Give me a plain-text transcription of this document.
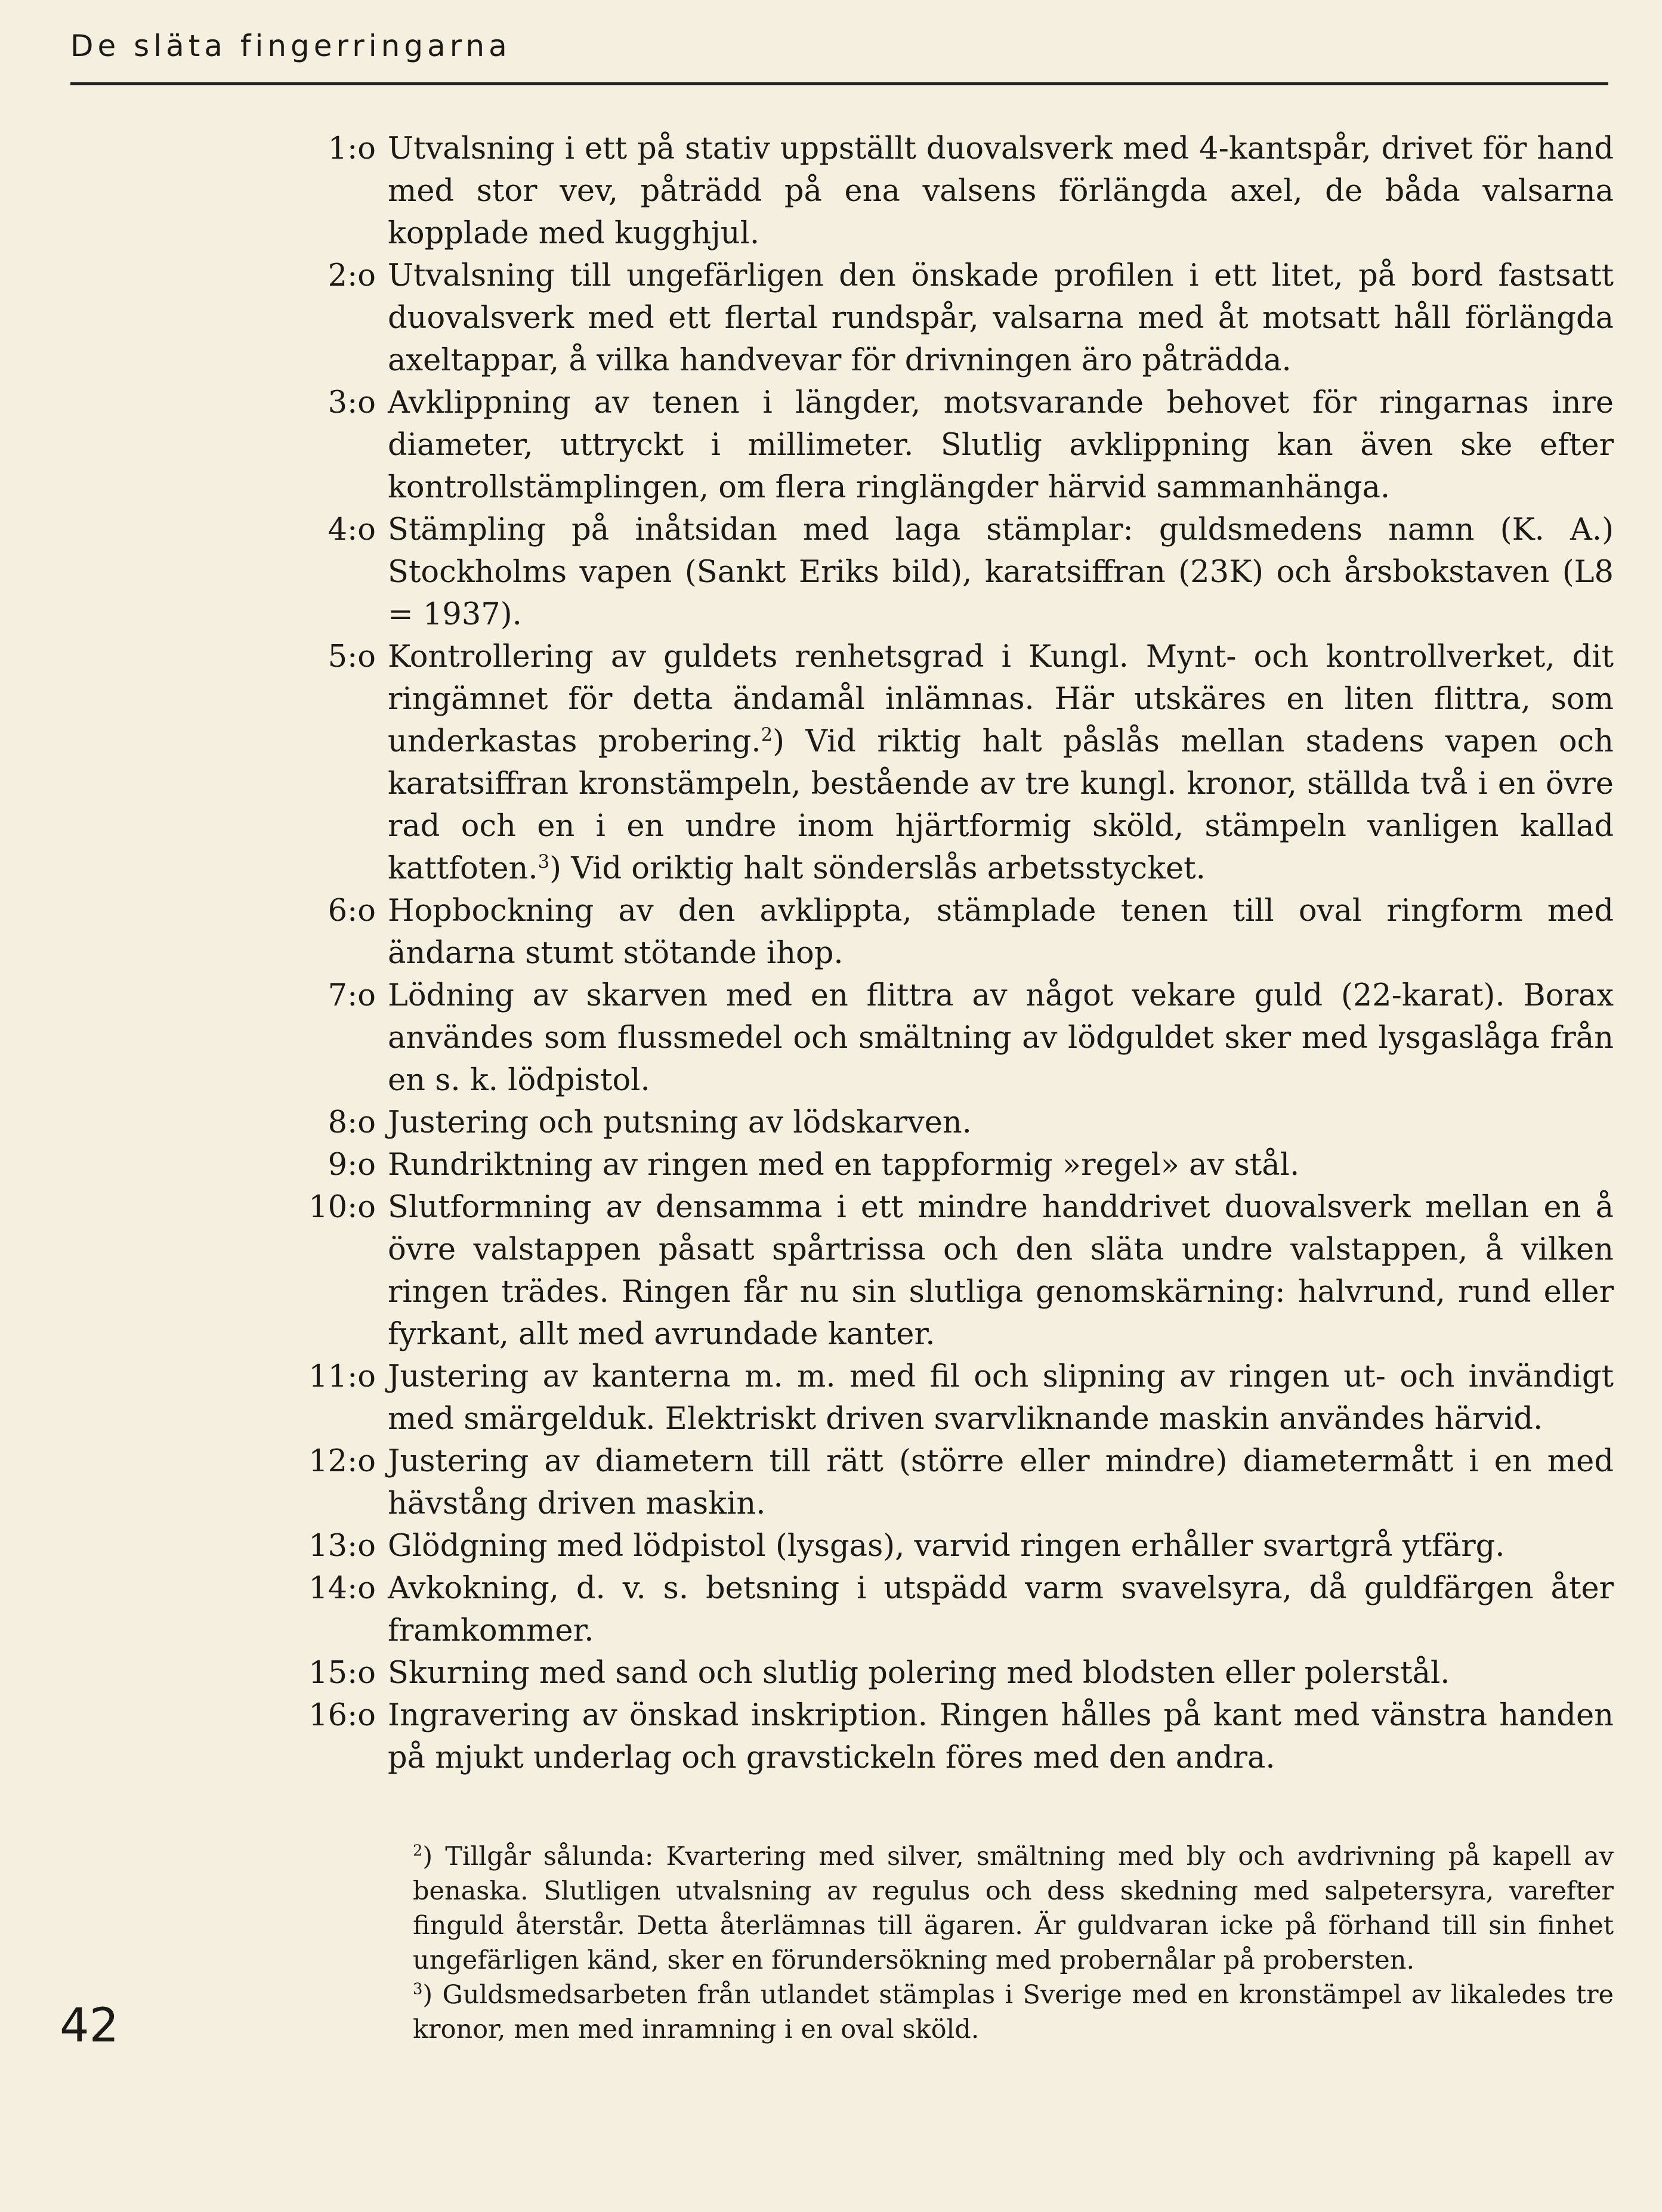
De släta fingerringarna
1:o Utvalsning i ett på stativ uppställt duovalsverk med 4-kantspår, drivet för hand med stor vev, påträdd på ena valsens förlängda axel, de båda valsarna kopplade med kugghjul.
2:o Utvalsning till ungefärligen den önskade profilen i ett litet, på bord fastsatt duovalsverk med ett flertal rundspår, valsarna med åt motsatt håll förlängda axeltappar, å vilka handvevar för drivningen äro påträdda.
3:o Avklippning av tenen i längder, motsvarande behovet för ringarnas inre diameter, uttryckt i millimeter. Slutlig avklippning kan även ske efter kontrollstämplingen, om flera ringlängder härvid sammanhänga.
4:o Stämpling på inåtsidan med laga stämplar: guldsmedens namn (K. A.) Stockholms vapen (Sankt Eriks bild), karatsiffran (23K) och årsbokstaven (L8 = 1937).
5:o Kontrollering av guldets renhetsgrad i Kungl. Mynt- och kontrollverket, dit ringämnet för detta ändamål inlämnas. Här utskäres en liten flittra, som underkastas probering.$^2$) Vid riktig halt påslås mellan stadens vapen och karatsiffran kronstämpeln, bestående av tre kungl. kronor, ställda två i en övre rad och en i en undre inom hjärtformig sköld, stämpeln vanligen kallad kattfoten.$^3$) Vid oriktig halt sönderslås arbetsstycket.
6:o Hopbockning av den avklippta, stämplade tenen till oval ringform med ändarna stumt stötande ihop.
7:o Lödning av skarven med en flittra av något vekare guld (22-karat). Borax användes som flussmedel och smältning av lödguldet sker med lysgaslåga från en s. k. lödpistol.
8:o Justering och putsning av lödskarven.
9:o Rundriktning av ringen med en tappformig »regel» av stål.
10:o Slutformning av densamma i ett mindre handdrivet duovalsverk mellan en å övre valstappen påsatt spårtrissa och den släta undre valstappen, å vilken ringen trädes. Ringen får nu sin slutliga genomskärning: halvrund, rund eller fyrkant, allt med avrundade kanter.
11:o Justering av kanterna m. m. med fil och slipning av ringen ut- och invändigt med smärgelduk. Elektriskt driven svarvliknande maskin användes härvid.
12:o Justering av diametern till rätt (större eller mindre) diametermått i en med hävstång driven maskin.
13:o Glödgning med lödpistol (lysgas), varvid ringen erhåller svartgrå ytfärg.
14:o Avkokning, d. v. s. betsning i utspädd varm svavelsyra, då guldfärgen åter framkommer.
15:o Skurning med sand och slutlig polering med blodsten eller polerstål.
16:o Ingravering av önskad inskription. Ringen hålles på kant med vänstra handen på mjukt underlag och gravstickeln föres med den andra.

$^2$) Tillgår sålunda: Kvartering med silver, smältning med bly och avdrivning på kapell av benaska. Slutligen utvalsning av regulus och dess skedning med salpetersyra, varefter finguld återstår. Detta återlämnas till ägaren. Är guldvaran icke på förhand till sin finhet ungefärligen känd, sker en förundersökning med probernålar på probersten.

$^3$) Guldsmedsarbeten från utlandet stämplas i Sverige med en kronstämpel av likaledes tre kronor, men med inramning i en oval sköld.

42
